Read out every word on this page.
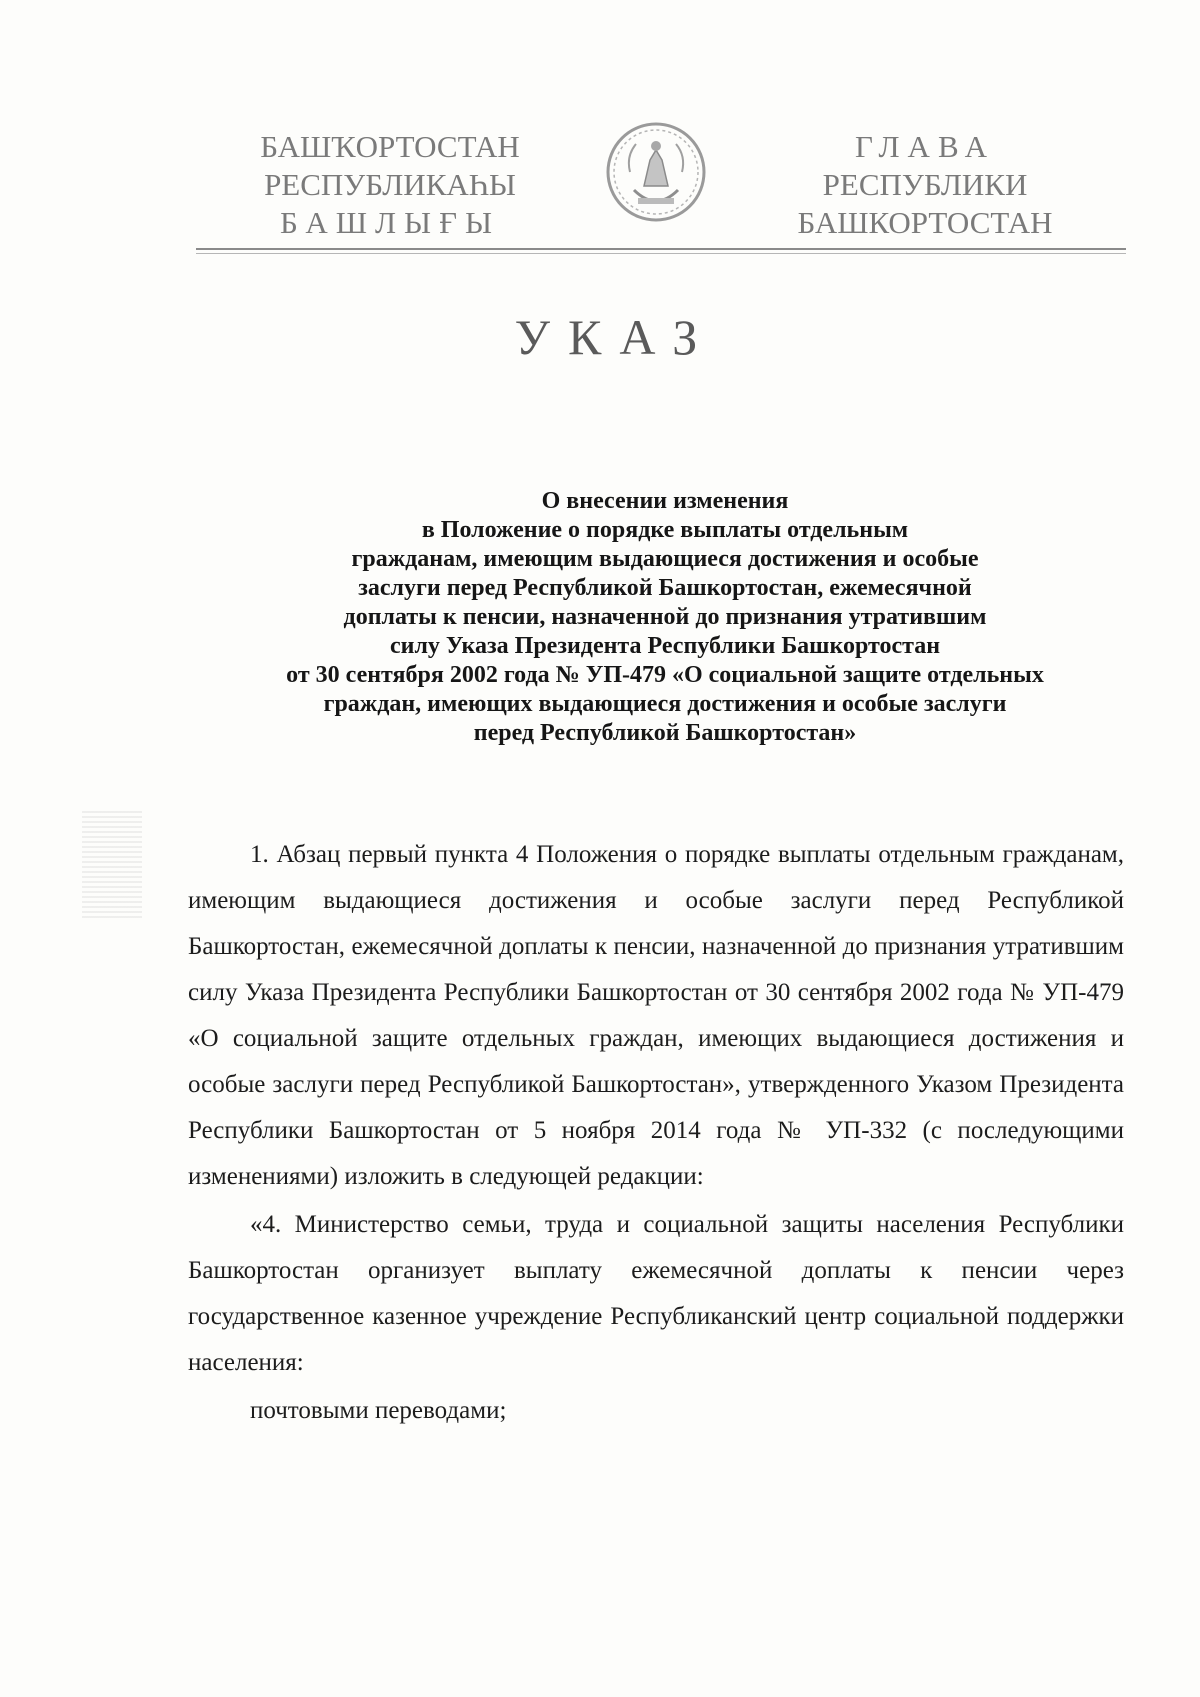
БАШҠОРТОСТАН
РЕСПУБЛИКАҺЫ
БАШЛЫҒЫ
ГЛАВА
РЕСПУБЛИКИ
БАШКОРТОСТАН
УКАЗ
О внесении изменения
в Положение о порядке выплаты отдельным
гражданам, имеющим выдающиеся достижения и особые
заслуги перед Республикой Башкортостан, ежемесячной
доплаты к пенсии, назначенной до признания утратившим
силу Указа Президента Республики Башкортостан
от 30 сентября 2002 года № УП-479 «О социальной защите отдельных
граждан, имеющих выдающиеся достижения и особые заслуги
перед Республикой Башкортостан»

1. Абзац первый пункта 4 Положения о порядке выплаты отдельным гражданам, имеющим выдающиеся достижения и особые заслуги перед Республикой Башкортостан, ежемесячной доплаты к пенсии, назначенной до признания утратившим силу Указа Президента Республики Башкортостан от 30 сентября 2002 года № УП-479 «О социальной защите отдельных граждан, имеющих выдающиеся достижения и особые заслуги перед Республикой Башкортостан», утвержденного Указом Президента Республики Башкортостан от 5 ноября 2014 года № УП-332 (с последующими изменениями) изложить в следующей редакции:

«4. Министерство семьи, труда и социальной защиты населения Республики Башкортостан организует выплату ежемесячной доплаты к пенсии через государственное казенное учреждение Республиканский центр социальной поддержки населения:

почтовыми переводами;
